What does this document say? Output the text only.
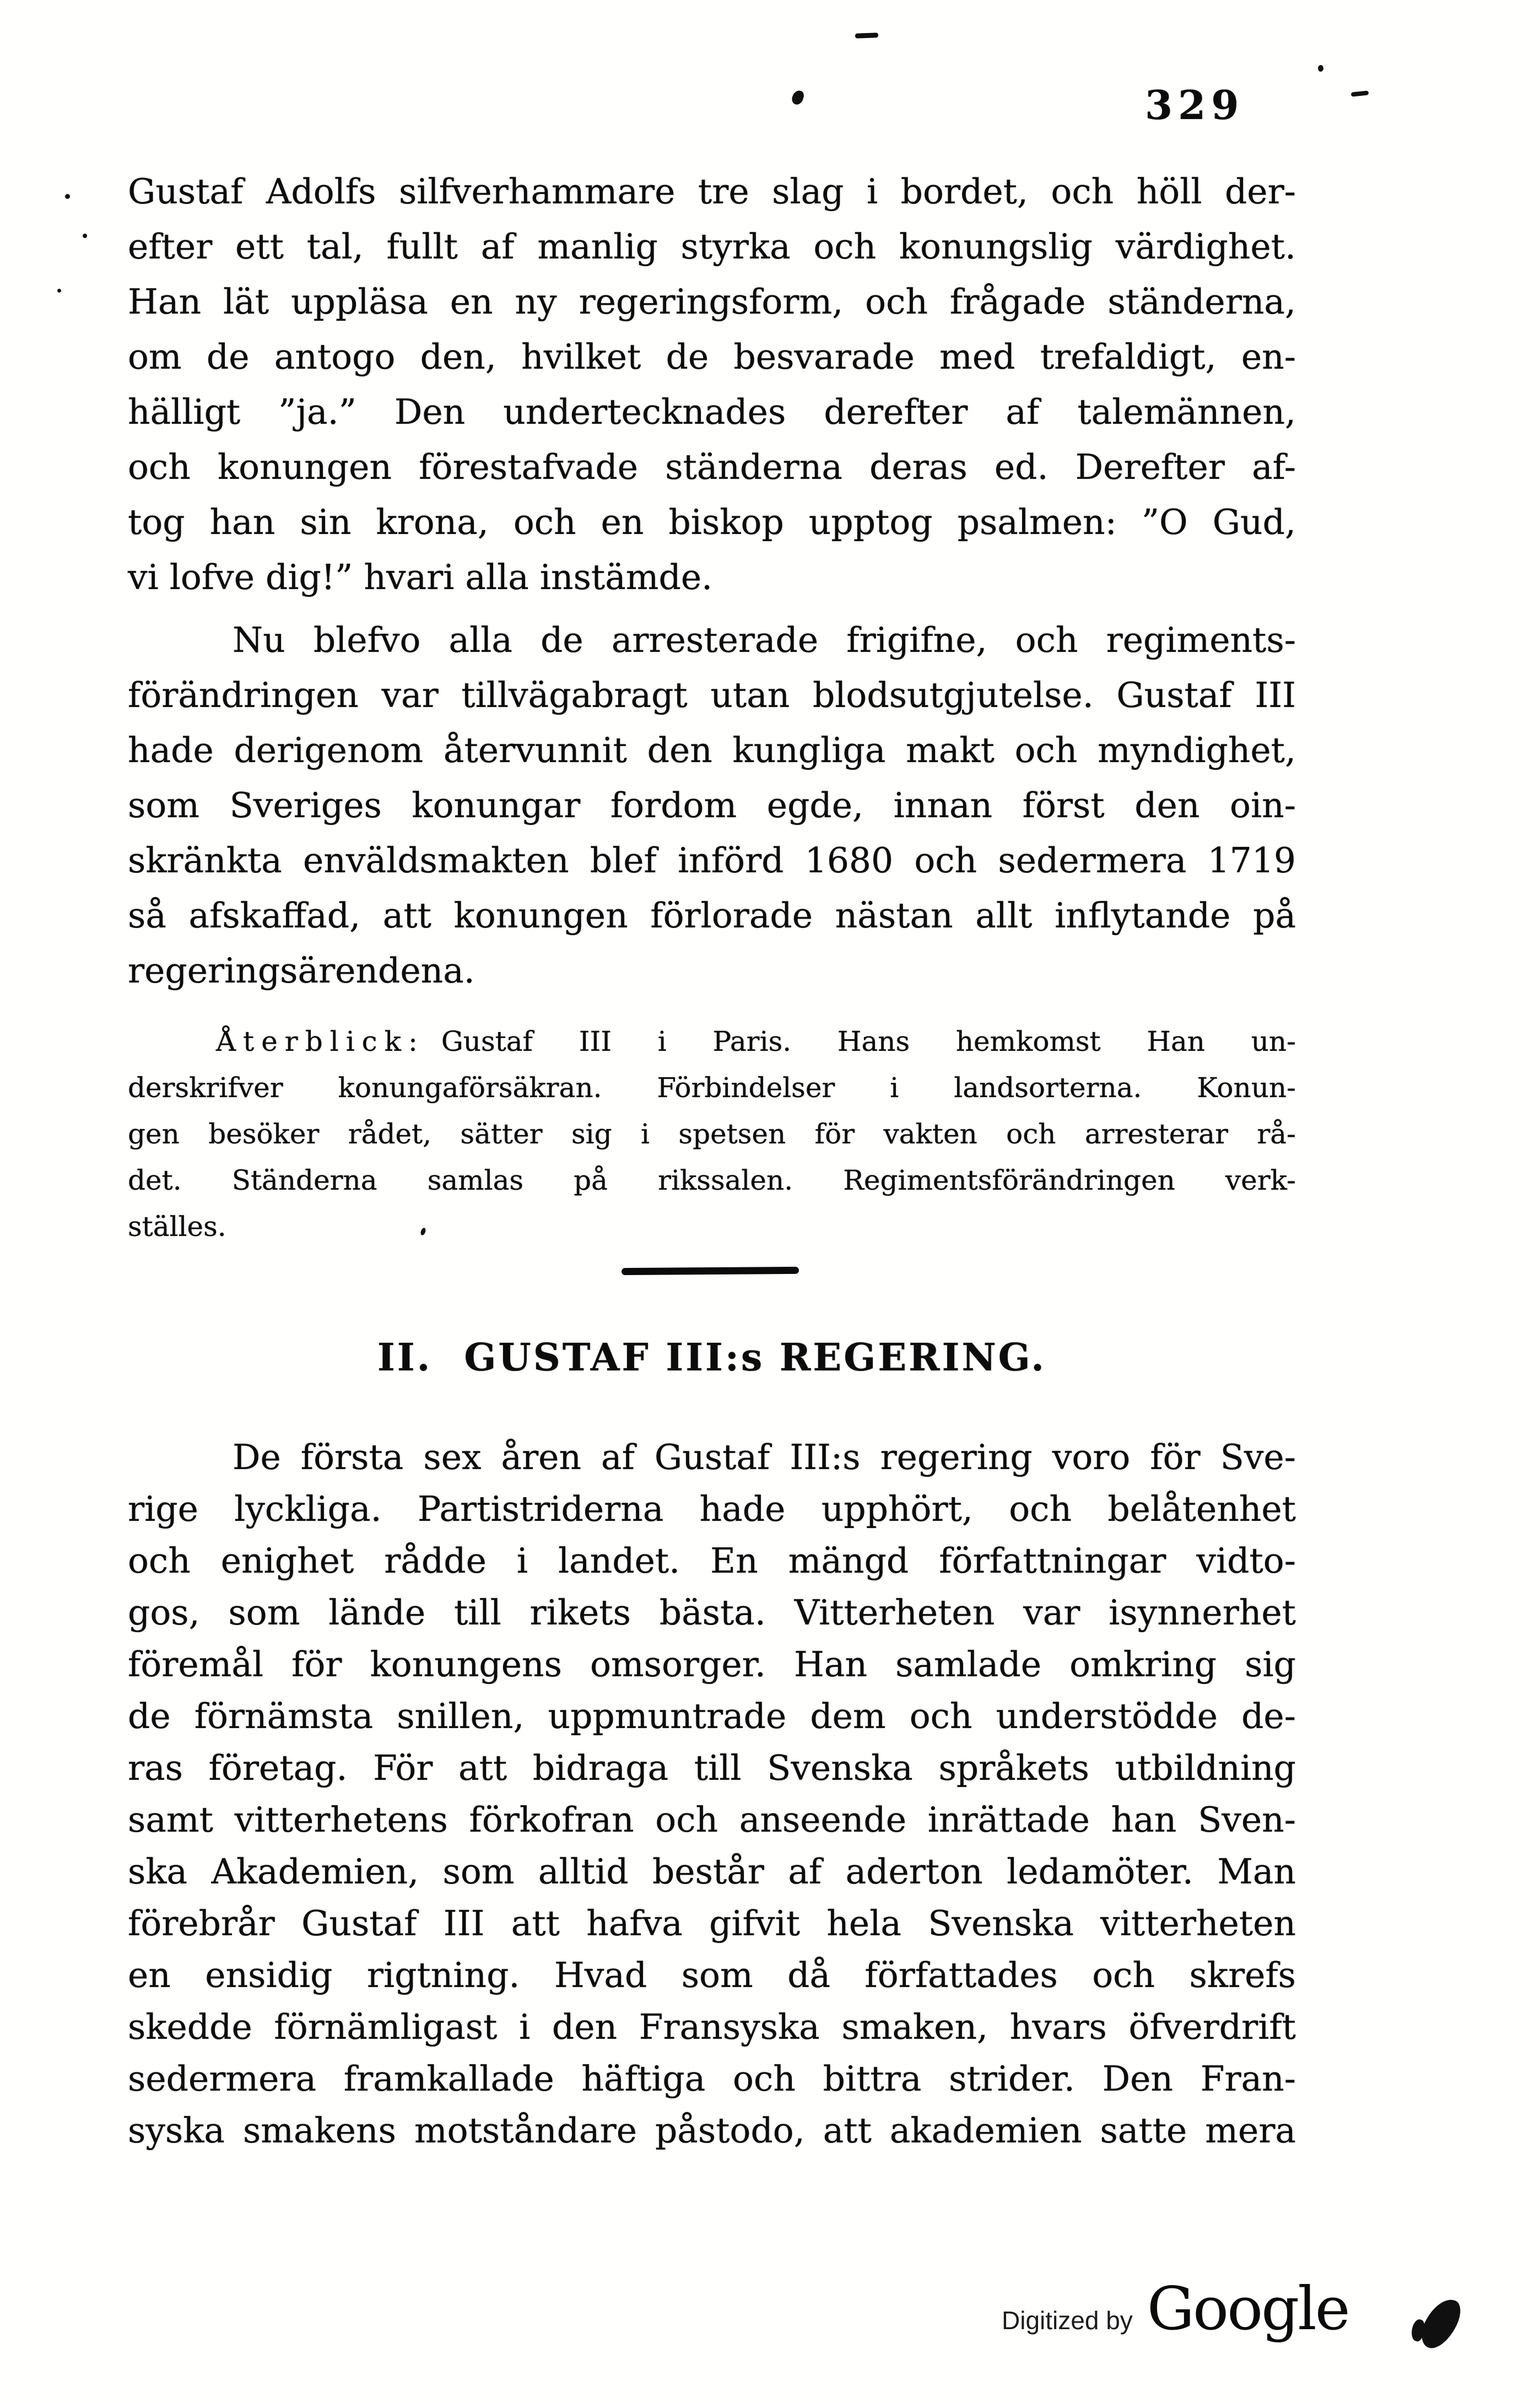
329
Gustaf Adolfs silfverhammare tre slag i bordet, och höll der-
efter ett tal, fullt af manlig styrka och konungslig värdighet.
Han lät uppläsa en ny regeringsform, och frågade ständerna,
om de antogo den, hvilket de besvarade med trefaldigt, en-
hälligt ”ja.” Den undertecknades derefter af talemännen,
och konungen förestafvade ständerna deras ed. Derefter af-
tog han sin krona, och en biskop upptog psalmen: ”O Gud,
vi lofve dig!” hvari alla instämde.
Nu blefvo alla de arresterade frigifne, och regiments-
förändringen var tillvägabragt utan blodsutgjutelse. Gustaf III
hade derigenom återvunnit den kungliga makt och myndighet,
som Sveriges konungar fordom egde, innan först den oin-
skränkta enväldsmakten blef införd 1680 och sedermera 1719
så afskaffad, att konungen förlorade nästan allt inflytande på
regeringsärendena.
Återblick: Gustaf III i Paris. Hans hemkomst Han un-
derskrifver konungaförsäkran. Förbindelser i landsorterna. Konun-
gen besöker rådet, sätter sig i spetsen för vakten och arresterar rå-
det. Ständerna samlas på rikssalen. Regimentsförändringen verk-
ställes.
II. GUSTAF III:s REGERING.
De första sex åren af Gustaf III:s regering voro för Sve-
rige lyckliga. Partistriderna hade upphört, och belåtenhet
och enighet rådde i landet. En mängd författningar vidto-
gos, som lände till rikets bästa. Vitterheten var isynnerhet
föremål för konungens omsorger. Han samlade omkring sig
de förnämsta snillen, uppmuntrade dem och understödde de-
ras företag. För att bidraga till Svenska språkets utbildning
samt vitterhetens förkofran och anseende inrättade han Sven-
ska Akademien, som alltid består af aderton ledamöter. Man
förebrår Gustaf III att hafva gifvit hela Svenska vitterheten
en ensidig rigtning. Hvad som då författades och skrefs
skedde förnämligast i den Fransyska smaken, hvars öfverdrift
sedermera framkallade häftiga och bittra strider. Den Fran-
syska smakens motståndare påstodo, att akademien satte mera
Digitized by Google
